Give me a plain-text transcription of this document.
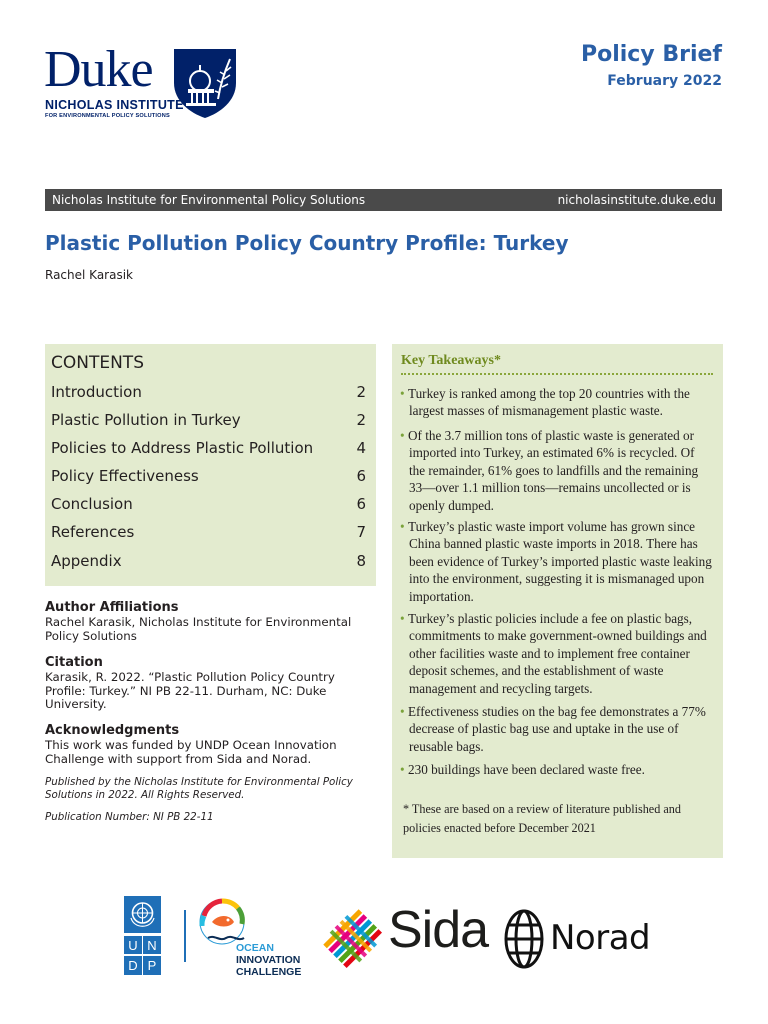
Duke
NICHOLAS INSTITUTE
FOR ENVIRONMENTAL POLICY SOLUTIONS
Policy Brief
February 2022
Nicholas Institute for Environmental Policy Solutions	nicholasinstitute.duke.edu
Plastic Pollution Policy Country Profile: Turkey
Rachel Karasik
CONTENTS
Introduction	2
Plastic Pollution in Turkey	2
Policies to Address Plastic Pollution	4
Policy Effectiveness	6
Conclusion	6
References	7
Appendix	8
Author Affiliations
Rachel Karasik, Nicholas Institute for Environmental Policy Solutions
Citation
Karasik, R. 2022. “Plastic Pollution Policy Country Profile: Turkey.” NI PB 22-11. Durham, NC: Duke University.
Acknowledgments
This work was funded by UNDP Ocean Innovation Challenge with support from Sida and Norad.
Published by the Nicholas Institute for Environmental Policy Solutions in 2022. All Rights Reserved.
Publication Number: NI PB 22-11
Key Takeaways*
• Turkey is ranked among the top 20 countries with the largest masses of mismanagement plastic waste.
• Of the 3.7 million tons of plastic waste is generated or imported into Turkey, an estimated 6% is recycled. Of the remainder, 61% goes to landfills and the remaining 33—over 1.1 million tons—remains uncollected or is openly dumped.
• Turkey’s plastic waste import volume has grown since China banned plastic waste imports in 2018. There has been evidence of Turkey’s imported plastic waste leaking into the environment, suggesting it is mismanaged upon importation.
• Turkey’s plastic policies include a fee on plastic bags, commitments to make government-owned buildings and other facilities waste and to implement free container deposit schemes, and the establishment of waste management and recycling targets.
• Effectiveness studies on the bag fee demonstrates a 77% decrease of plastic bag use and uptake in the use of reusable bags.
• 230 buildings have been declared waste free.
* These are based on a review of literature published and policies enacted before December 2021
U N
D P
OCEAN
INNOVATION
CHALLENGE
Sida Norad
